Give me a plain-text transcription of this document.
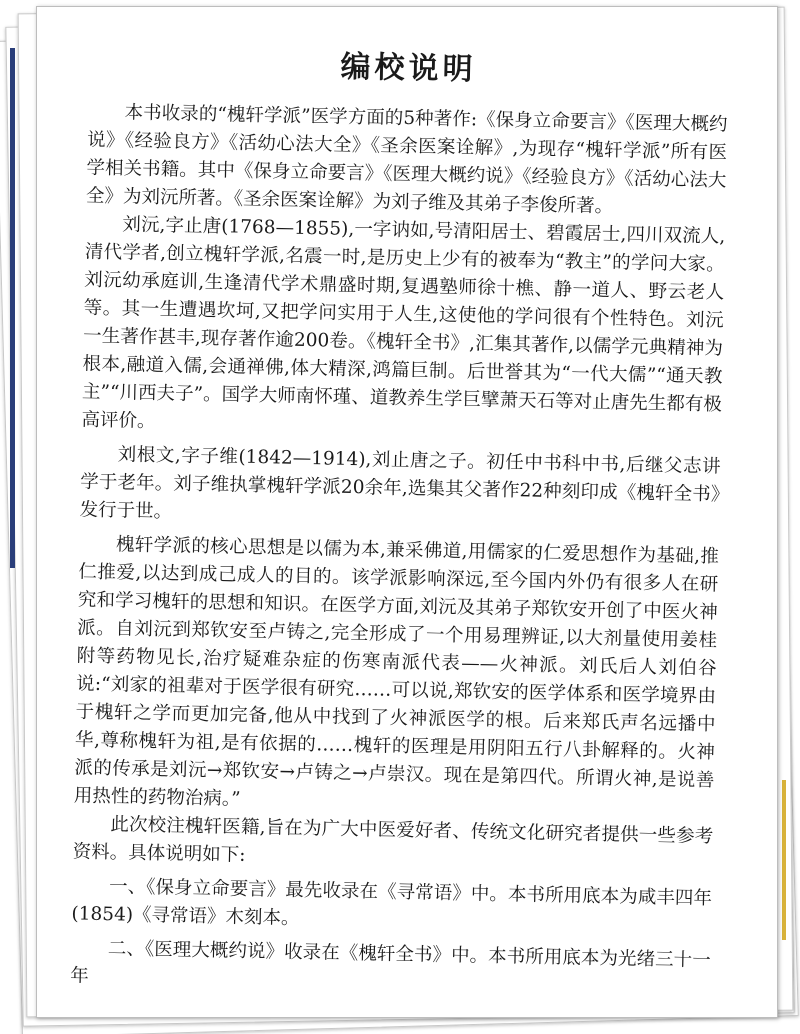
编校说明

本书收录的“槐轩学派”医学方面的5种著作:《保身立命要言》《医理大概约说》《经验良方》《活幼心法大全》《圣余医案诠解》,为现存“槐轩学派”所有医学相关书籍。其中《保身立命要言》《医理大概约说》《经验良方》《活幼心法大全》为刘沅所著。《圣余医案诠解》为刘子维及其弟子李俊所著。

刘沅,字止唐(1768—1855),一字讷如,号清阳居士、碧霞居士,四川双流人,清代学者,创立槐轩学派,名震一时,是历史上少有的被奉为“教主”的学问大家。刘沅幼承庭训,生逢清代学术鼎盛时期,复遇塾师徐十樵、静一道人、野云老人等。其一生遭遇坎坷,又把学问实用于人生,这使他的学问很有个性特色。刘沅一生著作甚丰,现存著作逾200卷。《槐轩全书》,汇集其著作,以儒学元典精神为根本,融道入儒,会通禅佛,体大精深,鸿篇巨制。后世誉其为“一代大儒”“通天教主”“川西夫子”。国学大师南怀瑾、道教养生学巨擘萧天石等对止唐先生都有极高评价。

刘根文,字子维(1842—1914),刘止唐之子。初任中书科中书,后继父志讲学于老年。刘子维执掌槐轩学派20余年,选集其父著作22种刻印成《槐轩全书》发行于世。

槐轩学派的核心思想是以儒为本,兼采佛道,用儒家的仁爱思想作为基础,推仁推爱,以达到成己成人的目的。该学派影响深远,至今国内外仍有很多人在研究和学习槐轩的思想和知识。在医学方面,刘沅及其弟子郑钦安开创了中医火神派。自刘沅到郑钦安至卢铸之,完全形成了一个用易理辨证,以大剂量使用姜桂附等药物见长,治疗疑难杂症的伤寒南派代表——火神派。刘氏后人刘伯谷说:“刘家的祖辈对于医学很有研究……可以说,郑钦安的医学体系和医学境界由于槐轩之学而更加完备,他从中找到了火神派医学的根。后来郑氏声名远播中华,尊称槐轩为祖,是有依据的……槐轩的医理是用阴阳五行八卦解释的。火神派的传承是刘沅→郑钦安→卢铸之→卢崇汉。现在是第四代。所谓火神,是说善用热性的药物治病。”

此次校注槐轩医籍,旨在为广大中医爱好者、传统文化研究者提供一些参考资料。具体说明如下:

一、《保身立命要言》最先收录在《寻常语》中。本书所用底本为咸丰四年(1854)《寻常语》木刻本。

二、《医理大概约说》收录在《槐轩全书》中。本书所用底本为光绪三十一年
